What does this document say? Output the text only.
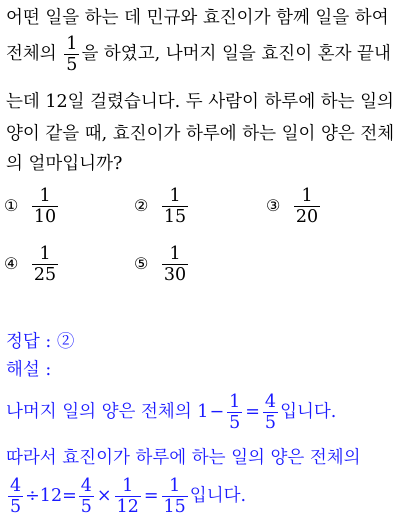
어떤 일을 하는 데 민규와 효진이가 함께 일을 하여
전체의 $\frac{1}{5}$ 을 하였고, 나머지 일을 효진이 혼자 끝내
는데 12일 걸렸습니다. 두 사람이 하루에 하는 일의
양이 같을 때, 효진이가 하루에 하는 일이 양은 전체
의 얼마입니까?
① $\frac{1}{10}$	② $\frac{1}{15}$	③ $\frac{1}{20}$
④ $\frac{1}{25}$	⑤ $\frac{1}{30}$
정답 : ②
해설 :
나머지 일의 양은 전체의 $1- \frac{1}{5} = \frac{4}{5}$ 입니다.
따라서 효진이가 하루에 하는 일의 양은 전체의
$\frac{4}{5} \div 12= \frac{4}{5} \times \frac{1}{12} = \frac{1}{15}$ 입니다.
